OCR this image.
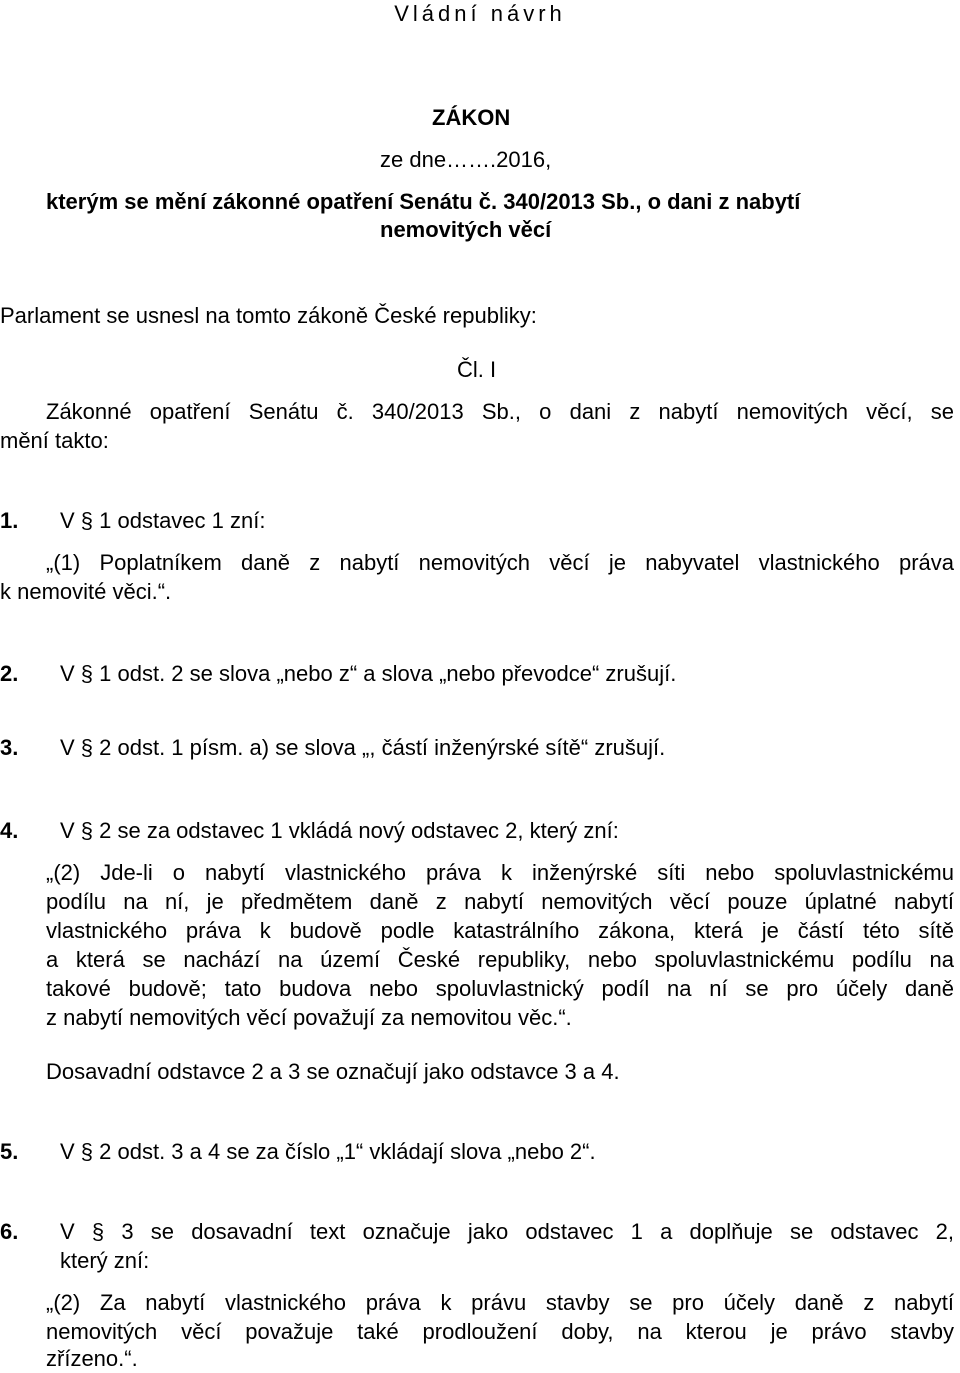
Vládní návrh
ZÁKON
ze dne…….2016,
kterým se mění zákonné opatření Senátu č. 340/2013 Sb., o dani z nabytí
nemovitých věcí
Parlament se usnesl na tomto zákoně České republiky:
Čl. I
Zákonné opatření Senátu č. 340/2013 Sb., o dani z nabytí nemovitých věcí, se
mění takto:
1. V § 1 odstavec 1 zní:
„(1) Poplatníkem daně z nabytí nemovitých věcí je nabyvatel vlastnického práva
k nemovité věci.“.
2. V § 1 odst. 2 se slova „nebo z“ a slova „nebo převodce“ zrušují.
3. V § 2 odst. 1 písm. a) se slova „, částí inženýrské sítě“ zrušují.
4. V § 2 se za odstavec 1 vkládá nový odstavec 2, který zní:
„(2) Jde-li o nabytí vlastnického práva k inženýrské síti nebo spoluvlastnickému
podílu na ní, je předmětem daně z nabytí nemovitých věcí pouze úplatné nabytí
vlastnického práva k budově podle katastrálního zákona, která je částí této sítě
a která se nachází na území České republiky, nebo spoluvlastnickému podílu na
takové budově; tato budova nebo spoluvlastnický podíl na ní se pro účely daně
z nabytí nemovitých věcí považují za nemovitou věc.“.
Dosavadní odstavce 2 a 3 se označují jako odstavce 3 a 4.
5. V § 2 odst. 3 a 4 se za číslo „1“ vkládají slova „nebo 2“.
6. V § 3 se dosavadní text označuje jako odstavec 1 a doplňuje se odstavec 2,
který zní:
„(2) Za nabytí vlastnického práva k právu stavby se pro účely daně z nabytí
nemovitých věcí považuje také prodloužení doby, na kterou je právo stavby
zřízeno.“.
